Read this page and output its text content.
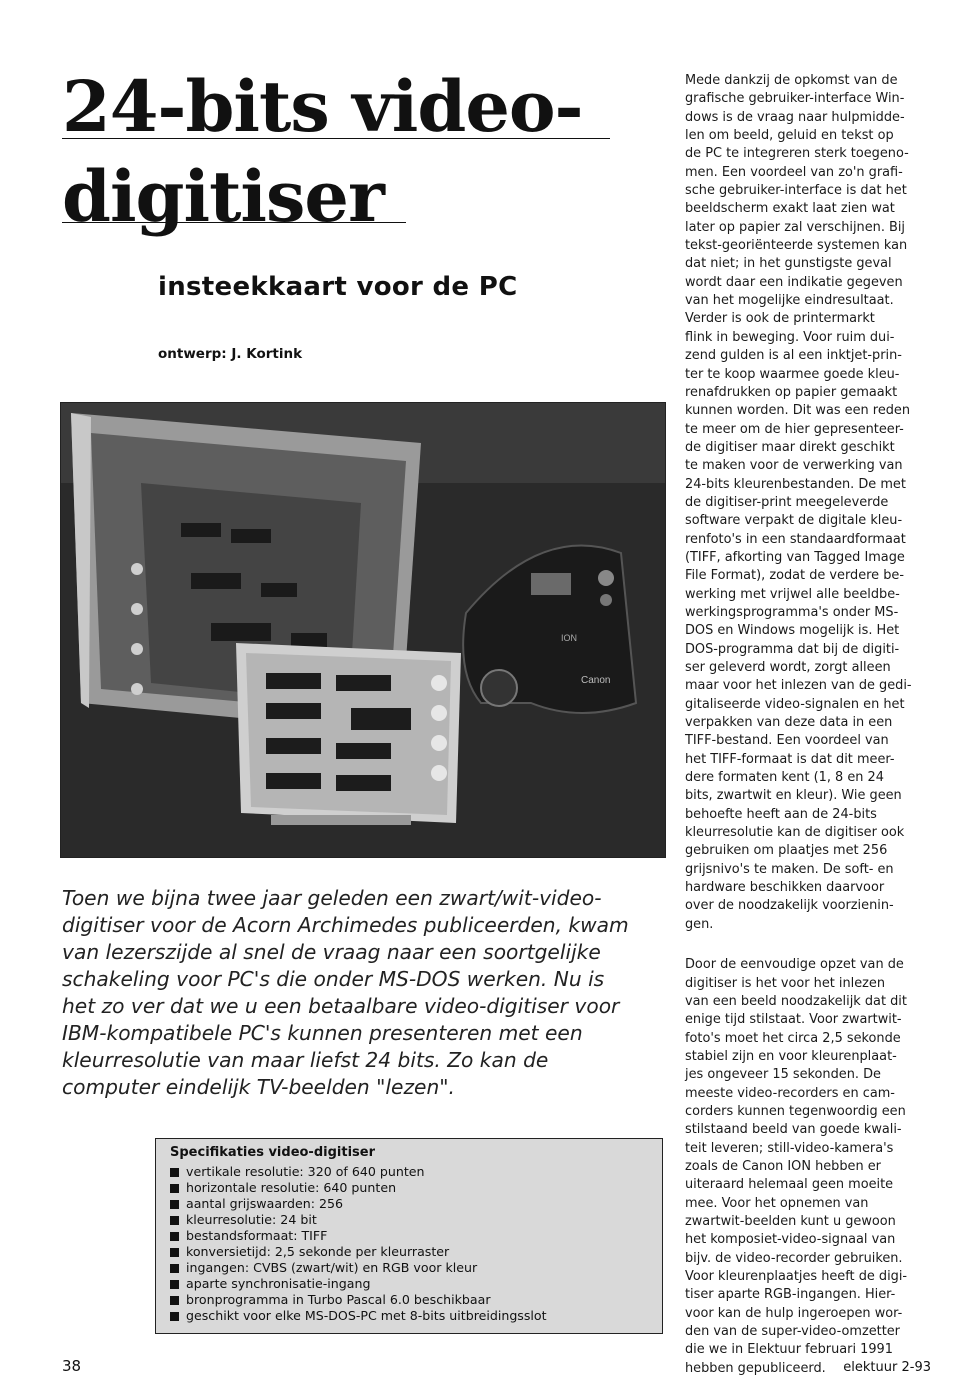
24-bits video-
digitiser
insteekkaart voor de PC
ontwerp: J. Kortink
Canon
ION
Toen we bijna twee jaar geleden een zwart/wit-video-
digitiser voor de Acorn Archimedes publiceerden, kwam
van lezerszijde al snel de vraag naar een soortgelijke
schakeling voor PC's die onder MS-DOS werken. Nu is
het zo ver dat we u een betaalbare video-digitiser voor
IBM-kompatibele PC's kunnen presenteren met een
kleurresolutie van maar liefst 24 bits. Zo kan de
computer eindelijk TV-beelden "lezen".
Specifikaties video-digitiser
vertikale resolutie: 320 of 640 punten
horizontale resolutie: 640 punten
aantal grijswaarden: 256
kleurresolutie: 24 bit
bestandsformaat: TIFF
konversietijd: 2,5 sekonde per kleurraster
ingangen: CVBS (zwart/wit) en RGB voor kleur
aparte synchronisatie-ingang
bronprogramma in Turbo Pascal 6.0 beschikbaar
geschikt voor elke MS-DOS-PC met 8-bits uitbreidingsslot
Mede dankzij de opkomst van de
grafische gebruiker-interface Win-
dows is de vraag naar hulpmidde-
len om beeld, geluid en tekst op
de PC te integreren sterk toegeno-
men. Een voordeel van zo'n grafi-
sche gebruiker-interface is dat het
beeldscherm exakt laat zien wat
later op papier zal verschijnen. Bij
tekst-georiënteerde systemen kan
dat niet; in het gunstigste geval
wordt daar een indikatie gegeven
van het mogelijke eindresultaat.
Verder is ook de printermarkt
flink in beweging. Voor ruim dui-
zend gulden is al een inktjet-prin-
ter te koop waarmee goede kleu-
renafdrukken op papier gemaakt
kunnen worden. Dit was een reden
te meer om de hier gepresenteer-
de digitiser maar direkt geschikt
te maken voor de verwerking van
24-bits kleurenbestanden. De met
de digitiser-print meegeleverde
software verpakt de digitale kleu-
renfoto's in een standaardformaat
(TIFF, afkorting van Tagged Image
File Format), zodat de verdere be-
werking met vrijwel alle beeldbe-
werkingsprogramma's onder MS-
DOS en Windows mogelijk is. Het
DOS-programma dat bij de digiti-
ser geleverd wordt, zorgt alleen
maar voor het inlezen van de gedi-
gitaliseerde video-signalen en het
verpakken van deze data in een
TIFF-bestand. Een voordeel van
het TIFF-formaat is dat dit meer-
dere formaten kent (1, 8 en 24
bits, zwartwit en kleur). Wie geen
behoefte heeft aan de 24-bits
kleurresolutie kan de digitiser ook
gebruiken om plaatjes met 256
grijsnivo's te maken. De soft- en
hardware beschikken daarvoor
over de noodzakelijk voorzienin-
gen.
Door de eenvoudige opzet van de
digitiser is het voor het inlezen
van een beeld noodzakelijk dat dit
enige tijd stilstaat. Voor zwartwit-
foto's moet het circa 2,5 sekonde
stabiel zijn en voor kleurenplaat-
jes ongeveer 15 sekonden. De
meeste video-recorders en cam-
corders kunnen tegenwoordig een
stilstaand beeld van goede kwali-
teit leveren; still-video-kamera's
zoals de Canon ION hebben er
uiteraard helemaal geen moeite
mee. Voor het opnemen van
zwartwit-beelden kunt u gewoon
het komposiet-video-signaal van
bijv. de video-recorder gebruiken.
Voor kleurenplaatjes heeft de digi-
tiser aparte RGB-ingangen. Hier-
voor kan de hulp ingeroepen wor-
den van de super-video-omzetter
die we in Elektuur februari 1991
hebben gepubliceerd.
38	elektuur 2-93
